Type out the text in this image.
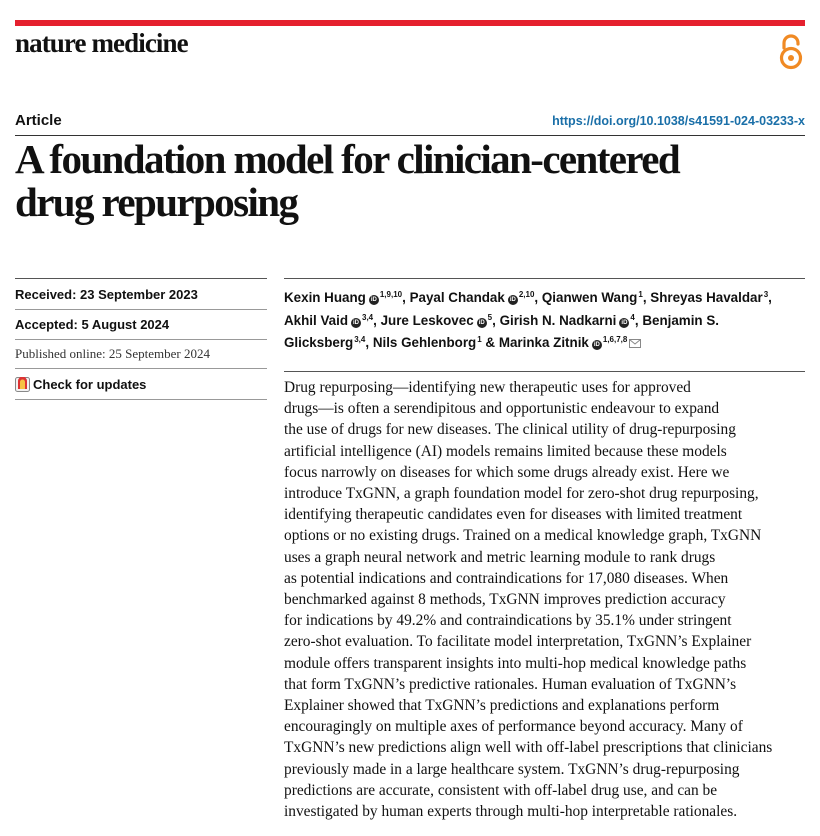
nature medicine
Article	https://doi.org/10.1038/s41591-024-03233-x
A foundation model for clinician-centered
drug repurposing
Received: 23 September 2023
Accepted: 5 August 2024
Published online: 25 September 2024
Check for updates

Kexin Huang iD$^{1,9,10}$, Payal Chandak iD$^{2,10}$, Qianwen Wang$^1$, Shreyas Havaldar$^3$, Akhil Vaid iD$^{3,4}$, Jure Leskovec iD$^5$, Girish N. Nadkarni iD$^4$, Benjamin S. Glicksberg$^{3,4}$, Nils Gehlenborg$^1$ & Marinka Zitnik iD$^{1,6,7,8}$

Drug repurposing—identifying new therapeutic uses for approved
drugs—is often a serendipitous and opportunistic endeavour to expand
the use of drugs for new diseases. The clinical utility of drug-repurposing
artificial intelligence (AI) models remains limited because these models
focus narrowly on diseases for which some drugs already exist. Here we
introduce TxGNN, a graph foundation model for zero-shot drug repurposing,
identifying therapeutic candidates even for diseases with limited treatment
options or no existing drugs. Trained on a medical knowledge graph, TxGNN
uses a graph neural network and metric learning module to rank drugs
as potential indications and contraindications for 17,080 diseases. When
benchmarked against 8 methods, TxGNN improves prediction accuracy
for indications by 49.2% and contraindications by 35.1% under stringent
zero-shot evaluation. To facilitate model interpretation, TxGNN’s Explainer
module offers transparent insights into multi-hop medical knowledge paths
that form TxGNN’s predictive rationales. Human evaluation of TxGNN’s
Explainer showed that TxGNN’s predictions and explanations perform
encouragingly on multiple axes of performance beyond accuracy. Many of
TxGNN’s new predictions align well with off-label prescriptions that clinicians
previously made in a large healthcare system. TxGNN’s drug-repurposing
predictions are accurate, consistent with off-label drug use, and can be
investigated by human experts through multi-hop interpretable rationales.
